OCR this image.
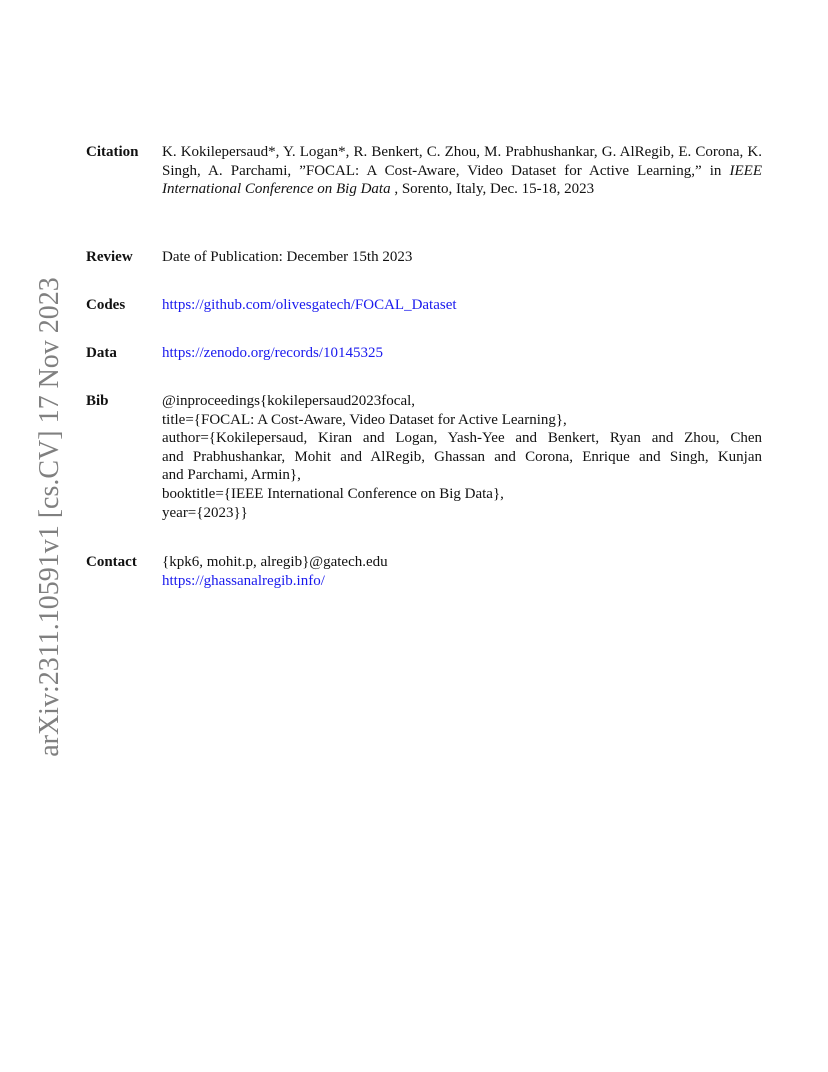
arXiv:2311.10591v1 [cs.CV] 17 Nov 2023
Citation	K. Kokilepersaud*, Y. Logan*, R. Benkert, C. Zhou, M. Prabhushankar, G. AlRegib, E. Corona, K. Singh, A. Parchami, ”FOCAL: A Cost-Aware, Video Dataset for Active Learning,” in IEEE International Conference on Big Data , Sorento, Italy, Dec. 15-18, 2023
Review	Date of Publication: December 15th 2023
Codes	https://github.com/olivesgatech/FOCAL_Dataset
Data	https://zenodo.org/records/10145325
Bib	@inproceedings{kokilepersaud2023focal,
title={FOCAL: A Cost-Aware, Video Dataset for Active Learning},
author={Kokilepersaud, Kiran and Logan, Yash-Yee and Benkert, Ryan and Zhou, Chen
and Prabhushankar, Mohit and AlRegib, Ghassan and Corona, Enrique and Singh, Kunjan
and Parchami, Armin},
booktitle={IEEE International Conference on Big Data},
year={2023}}
Contact	{kpk6, mohit.p, alregib}@gatech.edu
https://ghassanalregib.info/
